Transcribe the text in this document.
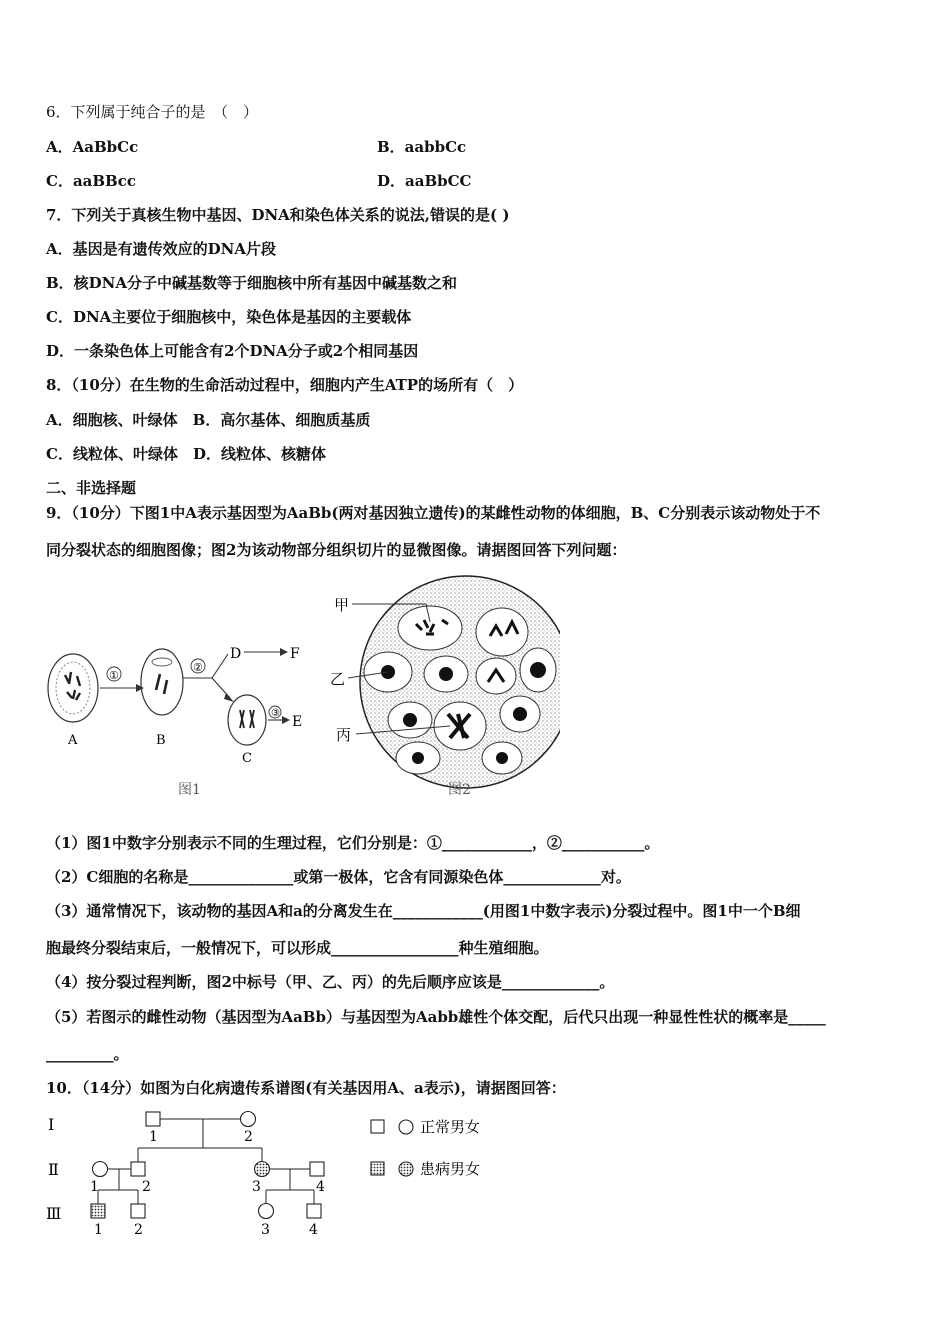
6．下列属于纯合子的是　（　）
A．AaBbCc	B．aabbCc
C．aaBBcc	D．aaBbCC
7．下列关于真核生物中基因、DNA和染色体关系的说法,错误的是( )
A．基因是有遗传效应的DNA片段
B．核DNA分子中碱基数等于细胞核中所有基因中碱基数之和
C．DNA主要位于细胞核中，染色体是基因的主要载体
D．一条染色体上可能含有2个DNA分子或2个相同基因
8．（10分）在生物的生命活动过程中，细胞内产生ATP的场所有（　）
A．细胞核、叶绿体　B．高尔基体、细胞质基质
C．线粒体、叶绿体　D．线粒体、核糖体
二、非选择题
9．（10分）下图1中A表示基因型为AaBb(两对基因独立遗传)的某雌性动物的体细胞，B、C分别表示该动物处于不
同分裂状态的细胞图像；图2为该动物部分组织切片的显微图像。请据图回答下列问题：
A
①
B
②
D	F
C
③
E
图1
甲
乙
丙
图2
（1）图1中数字分别表示不同的生理过程，它们分别是：①____________，②___________。
（2）C细胞的名称是______________或第一极体，它含有同源染色体_____________对。
（3）通常情况下，该动物的基因A和a的分离发生在____________(用图1中数字表示)分裂过程中。图1中一个B细
胞最终分裂结束后，一般情况下，可以形成_________________种生殖细胞。
（4）按分裂过程判断，图2中标号（甲、乙、丙）的先后顺序应该是_____________。
（5）若图示的雌性动物（基因型为AaBb）与基因型为Aabb雄性个体交配，后代只出现一种显性性状的概率是_____
_________。
10．（14分）如图为白化病遗传系谱图(有关基因用A、a表示)，请据图回答：
Ⅰ
Ⅱ
Ⅲ
1	2
1	2	3	4
1 2	3	4
正常男女
患病男女
